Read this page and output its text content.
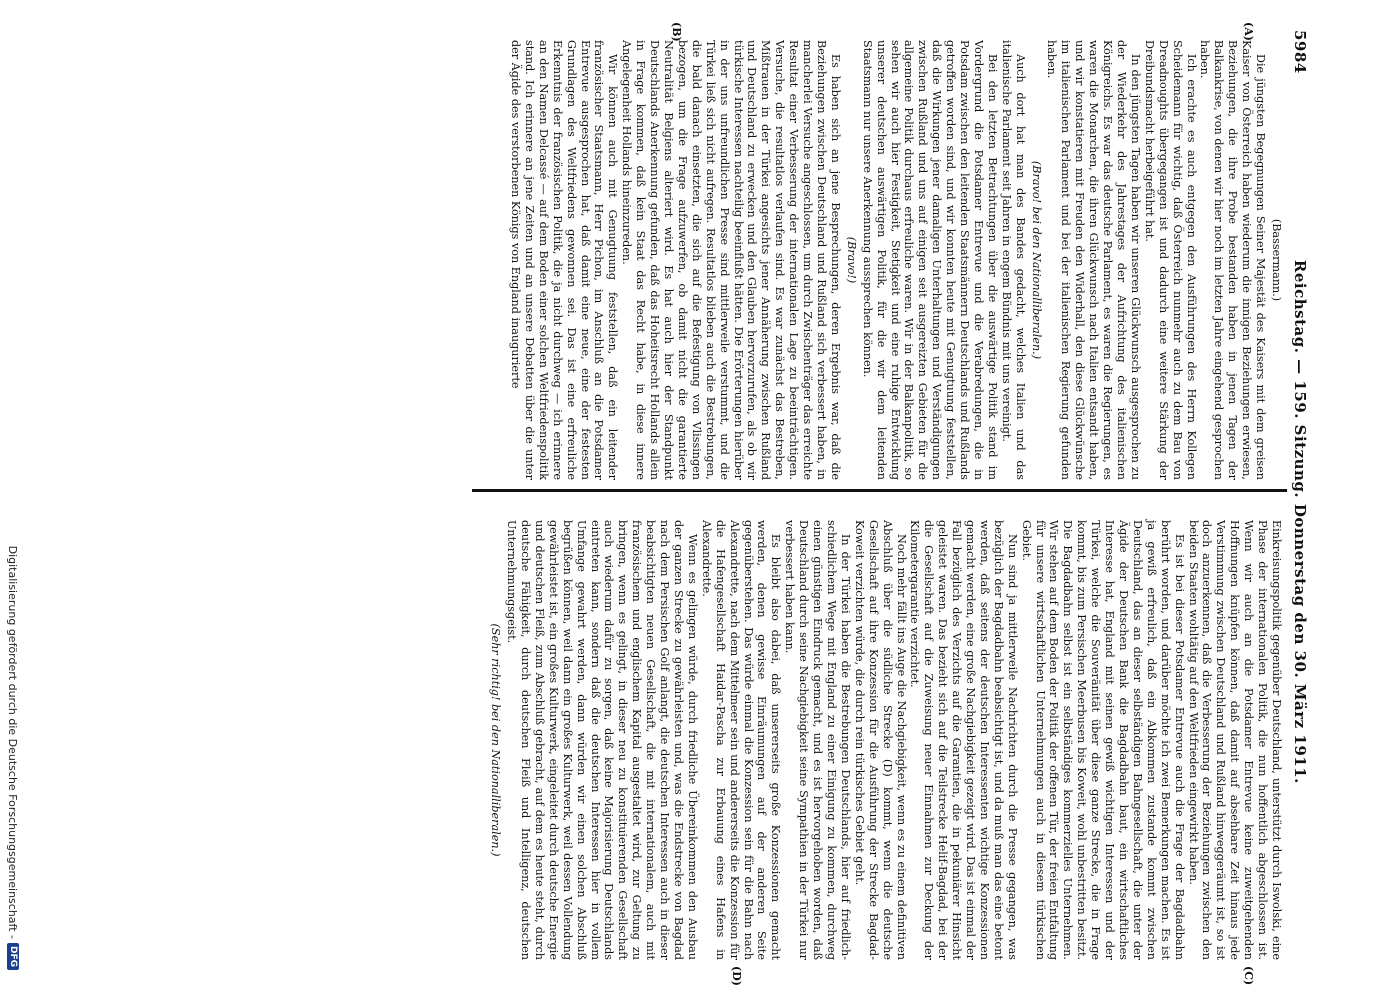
5984
Reichstag. — 159. Sitzung. Donnerstag den 30. März 1911.
(A)
(B)
(C)
(D)

(Bassermann.)

Die jüngsten Begegnungen Seiner Majestät des Kaisers mit dem greisen Kaiser von Österreich haben wiederum die innigen Beziehungen erwiesen, Beziehungen, die ihre Probe bestanden haben in jenen Tagen der Balkankrise, von denen wir hier noch im letzten Jahre eingehend gesprochen haben.

Ich erachte es auch entgegen den Ausführungen des Herrn Kollegen Scheidemann für wichtig, daß Österreich nunmehr auch zu dem Bau von Dreadnoughts übergegangen ist und dadurch eine weitere Stärkung der Dreibundsmacht herbeigeführt hat.

In den jüngsten Tagen haben wir unseren Glückwunsch ausgesprochen zu der Wiederkehr des Jahrestages der Aufrichtung des italienischen Königreichs. Es war das deutsche Parlament, es waren die Regierungen, es waren die Monarchen, die ihren Glückwunsch nach Italien entsandt haben, und wir konstatieren mit Freuden den Widerhall, den diese Glückwünsche im italienischen Parlament und bei der italienischen Regierung gefunden haben.

(Bravo! bei den Nationalliberalen.)

Auch dort hat man des Bandes gedacht, welches Italien und das italienische Parlament seit Jahren in engem Bündnis mit uns vereinigt.

Bei den letzten Betrachtungen über die auswärtige Politik stand im Vordergrund die Potsdamer Entrevue und die Verabredungen, die in Potsdam zwischen den leitenden Staatsmännern Deutschlands und Rußlands getroffen worden sind, und wir konnten heute mit Genugtuung feststellen, daß die Wirkungen jener damaligen Unterhaltungen und Verständigungen zwischen Rußland und uns auf einigen seit ausgereizten Gebieten für die allgemeine Politik durchaus erfreuliche waren. Wir in der Balkanpolitik, so sehen wir auch hier Festigkeit, Stetigkeit und eine ruhige Entwicklung unserer deutschen auswärtigen Politik, für die wir dem leitenden Staatsmann nur unsere Anerkennung aussprechen können.

(Bravo!)

Es haben sich an jene Besprechungen, deren Ergebnis war, daß die Beziehungen zwischen Deutschland und Rußland sich verbessert haben, in mancherlei Versuche angeschlossen, um durch Zwischenträger das erreichte Resultat einer Verbesserung der internationalen Lage zu beeinträchtigen. Versuche, die resultatlos verlaufen sind. Es war zunächst das Bestreben, Mißtrauen in der Türkei angesichts jener Annäherung zwischen Rußland und Deutschland zu erwecken und den Glauben hervorzurufen, als ob wir türkische Interessen nachteilig beeinflußt hätten. Die Erörterungen hierüber in der uns unfreundlichen Presse sind mittlerweile verstummt, und die Türkei ließ sich nicht aufregen. Resultatlos blieben auch die Bestrebungen, die bald danach einsetzten, die sich auf die Befestigung von Vlissingen bezogen, um die Frage aufzuwerfen, ob damit nicht die garantierte Neutralität Belgiens alteriert wird. Es hat auch hier der Standpunkt Deutschlands Anerkennung gefunden, daß das Hoheitsrecht Hollands allein in Frage kommen, daß kein Staat das Recht habe, in diese innere Angelegenheit Hollands hineinzureden.

Wir können auch mit Genugtuung feststellen, daß ein leitender französischer Staatsmann, Herr Pichon, im Anschluß an die Potsdamer Entrevue ausgesprochen hat, daß damit eine neue, eine der festesten Grundlagen des Weltfriedens gewonnen sei. Das ist eine erfreuliche Erkenntnis der französischen Politik, die ja nicht durchweg — ich erinnere an den Namen Delcassé — auf dem Boden einer solchen Weltfriedenspolitik stand. Ich erinnere an jene Zeiten und an unsere Debatten über die unter der Ägide des verstorbenen Königs von England inaugurierte

Einkreisungspolitik gegenüber Deutschland, unterstützt durch Iswolski, eine Phase der internationalen Politik, die nun hoffentlich abgeschlossen ist. Wenn wir auch an die Potsdamer Entrevue keine zuweitgehenden Hoffnungen knüpfen können, daß damit auf absehbare Zeit hinaus jede Verstimmung zwischen Deutschland und Rußland hinweggeräumt ist, so ist doch anzuerkennen, daß die Verbesserung der Beziehungen zwischen den beiden Staaten wohltätig auf den Weltfrieden eingewirkt haben.

Es ist bei dieser Potsdamer Entrevue auch die Frage der Bagdadbahn berührt worden, und darüber möchte ich zwei Bemerkungen machen. Es ist ja gewiß erfreulich, daß ein Abkommen zustande kommt zwischen Deutschland, das an dieser selbständigen Bahngesellschaft, die unter der Ägide der Deutschen Bank die Bagdadbahn baut, ein wirtschaftliches Interesse hat, England mit seinen gewiß wichtigen Interessen und der Türkei, welche die Souveränität über diese ganze Strecke, die in Frage kommt, bis zum Persischen Meerbusen bis Koweit, wohl unbestritten besitzt. Die Bagdadbahn selbst ist ein selbständiges kommerzielles Unternehmen. Wir stehen auf dem Boden der Politik der offenen Tür, der freien Entfaltung für unsere wirtschaftlichen Unternehmungen auch in diesem türkischen Gebiet.

Nun sind ja mittlerweile Nachrichten durch die Presse gegangen, was bezüglich der Bagdadbahn beabsichtigt ist, und da muß man das eine betont werden, daß seitens der deutschen Interessenten wichtige Konzessionen gemacht werden, eine große Nachgiebigkeit gezeigt wird. Das ist einmal der Fall bezüglich des Verzichts auf die Garantien, die in pekuniärer Hinsicht geleistet waren. Das bezieht sich auf die Teilstrecke Helif-Bagdad, bei der die Gesellschaft auf die Zuweisung neuer Einnahmen zur Deckung der Kilometergarantie verzichtet.

Noch mehr fällt ins Auge die Nachgiebigkeit, wenn es zu einem definitiven Abschluß über die südliche Strecke (D) kommt, wenn die deutsche Gesellschaft auf ihre Konzession für die Ausführung der Strecke Bagdad-Koweit verzichten würde, die durch rein türkisches Gebiet geht.

In der Türkei haben die Bestrebungen Deutschlands, hier auf friedlich-schiedlichem Wege mit England zu einer Einigung zu kommen, durchweg einen günstigen Eindruck gemacht, und es ist hervorgehoben worden, daß Deutschland durch seine Nachgiebigkeit seine Sympathien in der Türkei nur verbessert haben kann.

Es bleibt also dabei, daß unsererseits große Konzessionen gemacht werden, denen gewisse Einräumungen auf der anderen Seite gegenüberstehen. Das würde einmal die Konzession sein für die Bahn nach Alexandrette, nach dem Mittelmeer sein und andererseits die Konzession für die Hafengesellschaft Haidar-Pascha zur Erbauung eines Hafens in Alexandrette.

Wenn es gelingen würde, durch friedliche Übereinkommen den Ausbau der ganzen Strecke zu gewährleisten und, was die Endstrecke von Bagdad nach dem Persischen Golf anlangt, die deutschen Interessen auch in dieser beabsichtigten neuen Gesellschaft, die mit internationalem, auch mit französischem und englischem Kapital ausgestaltet wird, zur Geltung zu bringen, wenn es gelingt, in dieser neu zu konstituierenden Gesellschaft auch wiederum dafür zu sorgen, daß keine Majorisierung Deutschlands eintreten kann, sondern daß die deutschen Interessen hier in vollem Umfange gewahrt werden, dann würden wir einen solchen Abschluß begrüßen können, weil dann ein großes Kulturwerk, weil dessen Vollendung gewährleistet ist, ein großes Kulturwerk, eingeleitet durch deutsche Energie und deutschen Fleiß, zum Abschluß gebracht, auf dem es heute steht, durch deutsche Fähigkeit, durch deutschen Fleiß und Intelligenz, deutschen Unternehmungsgeist.

(Sehr richtig! bei den Nationalliberalen.)

Digitalisierung gefördert durch die Deutsche Forschungsgemeinschaft -
DFG
